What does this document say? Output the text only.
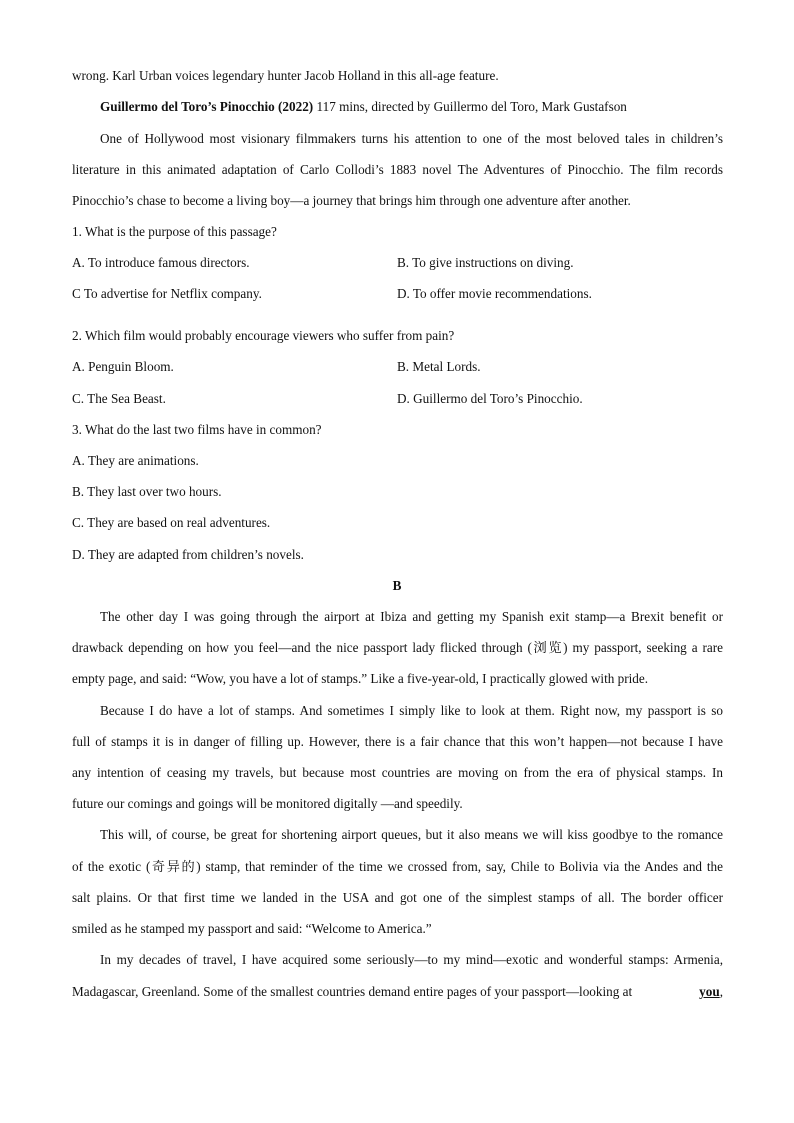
wrong. Karl Urban voices legendary hunter Jacob Holland in this all-age feature.
Guillermo del Toro’s Pinocchio (2022) 117 mins, directed by Guillermo del Toro, Mark Gustafson
One of Hollywood most visionary filmmakers turns his attention to one of the most beloved tales in children’s
literature in this animated adaptation of Carlo Collodi’s 1883 novel The Adventures of Pinocchio. The film records
Pinocchio’s chase to become a living boy—a journey that brings him through one adventure after another.
1. What is the purpose of this passage?
A. To introduce famous directors.	B. To give instructions on diving.
C To advertise for Netflix company.	D. To offer movie recommendations.
2. Which film would probably encourage viewers who suffer from pain?
A. Penguin Bloom.	B. Metal Lords.
C. The Sea Beast.	D. Guillermo del Toro’s Pinocchio.
3. What do the last two films have in common?
A. They are animations.
B. They last over two hours.
C. They are based on real adventures.
D. They are adapted from children’s novels.
B
The other day I was going through the airport at Ibiza and getting my Spanish exit stamp—a Brexit benefit or
drawback depending on how you feel—and the nice passport lady flicked through (浏览) my passport, seeking a rare
empty page, and said: “Wow, you have a lot of stamps.” Like a five-year-old, I practically glowed with pride.
Because I do have a lot of stamps. And sometimes I simply like to look at them. Right now, my passport is so
full of stamps it is in danger of filling up. However, there is a fair chance that this won’t happen—not because I have
any intention of ceasing my travels, but because most countries are moving on from the era of physical stamps. In
future our comings and goings will be monitored digitally —and speedily.
This will, of course, be great for shortening airport queues, but it also means we will kiss goodbye to the romance
of the exotic (奇异的) stamp, that reminder of the time we crossed from, say, Chile to Bolivia via the Andes and the
salt plains. Or that first time we landed in the USA and got one of the simplest stamps of all. The border officer
smiled as he stamped my passport and said: “Welcome to America.”
In my decades of travel, I have acquired some seriously—to my mind—exotic and wonderful stamps: Armenia,
Madagascar, Greenland. Some of the smallest countries demand entire pages of your passport—looking at	you,
